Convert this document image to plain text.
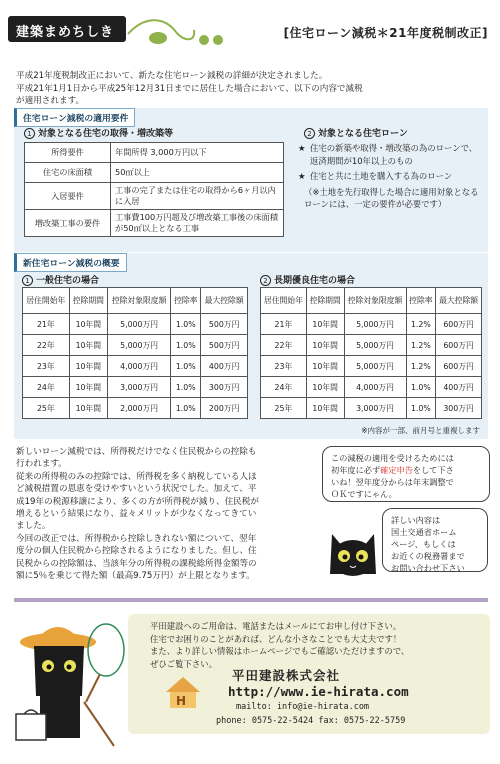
建築まめちしき	[住宅ローン減税＊21年度税制改正]
平成21年度税制改正において、新たな住宅ローン減税の詳細が決定されました。
平成21年1月1日から平成25年12月31日までに居住した場合において、以下の内容で減税
が適用されます。
住宅ローン減税の適用要件
1 対象となる住宅の取得・増改築等
所得要件	年間所得 3,000万円以下
住宅の床面積	50㎡以上
入居要件	工事の完了または住宅の取得から6ヶ月以内に入居
増改築工事の要件	工事費100万円超及び増改築工事後の床面積が50㎡以上となる工事
2 対象となる住宅ローン
★ 住宅の新築や取得・増改築の為のローンで、返済期間が10年以上のもの
★ 住宅と共に土地を購入する為のローン
（※土地を先行取得した場合に適用対象となるローンには、一定の要件が必要です）
新住宅ローン減税の概要
1 一般住宅の場合	2 長期優良住宅の場合
居住開始年	控除期間	控除対象限度額	控除率	最大控除額
21年	10年間	5,000万円	1.0%	500万円
22年	10年間	5,000万円	1.0%	500万円
23年	10年間	4,000万円	1.0%	400万円
24年	10年間	3,000万円	1.0%	300万円
25年	10年間	2,000万円	1.0%	200万円
居住開始年	控除期間	控除対象限度額	控除率	最大控除額
21年	10年間	5,000万円	1.2%	600万円
22年	10年間	5,000万円	1.2%	600万円
23年	10年間	5,000万円	1.2%	600万円
24年	10年間	4,000万円	1.0%	400万円
25年	10年間	3,000万円	1.0%	300万円
※内容が一部、前月号と重複します
新しいローン減税では、所得税だけでなく住民税からの控除も
行われます。
従来の所得税のみの控除では、所得税を多く納税している人ほ
ど減税措置の恩恵を受けやすいという状況でした。加えて、平
成19年の税源移譲により、多くの方が所得税が減り、住民税が
増えるという結果になり、益々メリットが少なくなってきてい
ました。
今回の改正では、所得税から控除しきれない額について、翌年
度分の個人住民税から控除されるようになりました。但し、住
民税からの控除額は、当該年分の所得税の課税総所得金額等の
額に5％を乗じて得た額（最高9.75万円）が上限となります。
この減税の適用を受けるためには
初年度に必ず確定申告をして下さ
いね！翌年度分からは年末調整で
ＯＫですにゃん。
詳しい内容は
国土交通省ホーム
ページ、もしくは
お近くの税務署まで
お問い合わせ下さい
平田建設へのご用命は、電話またはメールにてお申し付け下さい。
住宅でお困りのことがあれば、どんな小さなことでも大丈夫です！
また、より詳しい情報はホームページでもご確認いただけますので、
ぜひご覧下さい。
H
平田建設株式会社
http://www.ie-hirata.com
mailto: info@ie-hirata.com
phone: 0575-22-5424 fax: 0575-22-5759
